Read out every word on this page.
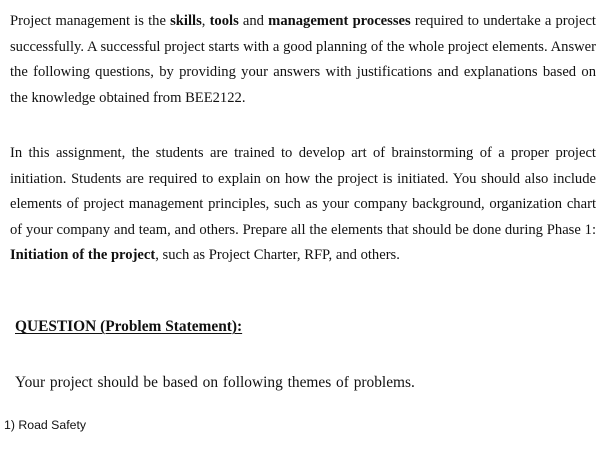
Project management is the skills, tools and management processes required to undertake a project successfully. A successful project starts with a good planning of the whole project elements. Answer the following questions, by providing your answers with justifications and explanations based on the knowledge obtained from BEE2122.

In this assignment, the students are trained to develop art of brainstorming of a proper project initiation. Students are required to explain on how the project is initiated. You should also include elements of project management principles, such as your company background, organization chart of your company and team, and others. Prepare all the elements that should be done during Phase 1: Initiation of the project, such as Project Charter, RFP, and others.

QUESTION (Problem Statement):

Your project should be based on following themes of problems.

1) Road Safety
